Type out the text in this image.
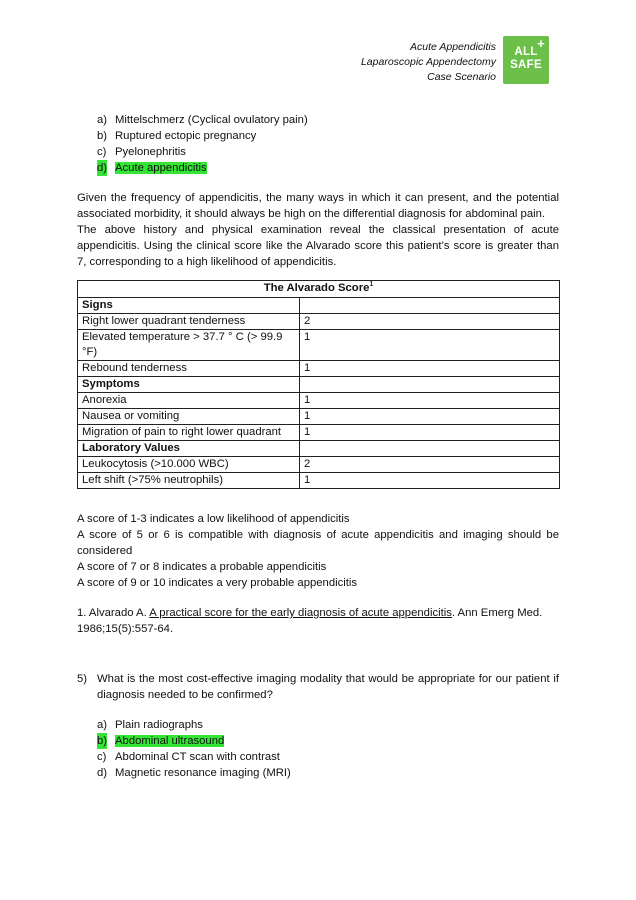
Acute Appendicitis
Laparoscopic Appendectomy
Case Scenario
+
ALL
SAFE
a) Mittelschmerz (Cyclical ovulatory pain)
b) Ruptured ectopic pregnancy
c) Pyelonephritis
d) Acute appendicitis

Given the frequency of appendicitis, the many ways in which it can present, and the potential associated morbidity, it should always be high on the differential diagnosis for abdominal pain.

The above history and physical examination reveal the classical presentation of acute appendicitis. Using the clinical score like the Alvarado score this patient’s score is greater than 7, corresponding to a high likelihood of appendicitis.

The Alvarado Score$^1$
Signs	
Right lower quadrant tenderness	2
Elevated temperature > 37.7 ° C (> 99.9 °F)	1
Rebound tenderness	1
Symptoms	
Anorexia	1
Nausea or vomiting	1
Migration of pain to right lower quadrant	1
Laboratory Values	
Leukocytosis (>10.000 WBC)	2
Left shift (>75% neutrophils)	1

A score of 1-3 indicates a low likelihood of appendicitis

A score of 5 or 6 is compatible with diagnosis of acute appendicitis and imaging should be considered

A score of 7 or 8 indicates a probable appendicitis

A score of 9 or 10 indicates a very probable appendicitis

1. Alvarado A. A practical score for the early diagnosis of acute appendicitis. Ann Emerg Med. 1986;15(5):557-64.

5) What is the most cost-effective imaging modality that would be appropriate for our patient if diagnosis needed to be confirmed?
a) Plain radiographs
b) Abdominal ultrasound
c) Abdominal CT scan with contrast
d) Magnetic resonance imaging (MRI)
